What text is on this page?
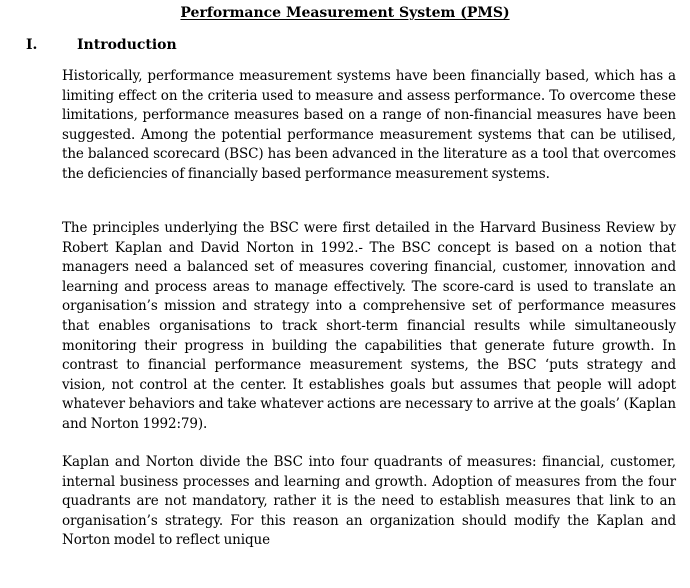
Performance Measurement System (PMS)
I.	Introduction

Historically, performance measurement systems have been financially based, which has a limiting effect on the criteria used to measure and assess performance. To overcome these limitations, performance measures based on a range of non-financial measures have been suggested. Among the potential performance measurement systems that can be utilised, the balanced scorecard (BSC) has been advanced in the literature as a tool that overcomes the deficiencies of financially based performance measurement systems.

The principles underlying the BSC were first detailed in the Harvard Business Review by Robert Kaplan and David Norton in 1992.- The BSC concept is based on a notion that managers need a balanced set of measures covering financial, customer, innovation and learning and process areas to manage effectively. The score-card is used to translate an organisation’s mission and strategy into a comprehensive set of performance measures that enables organisations to track short-term financial results while simultaneously monitoring their progress in building the capabilities that generate future growth. In contrast to financial performance measurement systems, the BSC ‘puts strategy and vision, not control at the center. It establishes goals but assumes that people will adopt whatever behaviors and take whatever actions are necessary to arrive at the goals’ (Kaplan and Norton 1992:79).

Kaplan and Norton divide the BSC into four quadrants of measures: financial, customer, internal business processes and learning and growth. Adoption of measures from the four quadrants are not mandatory, rather it is the need to establish measures that link to an organisation’s strategy. For this reason an organization should modify the Kaplan and Norton model to reflect unique
